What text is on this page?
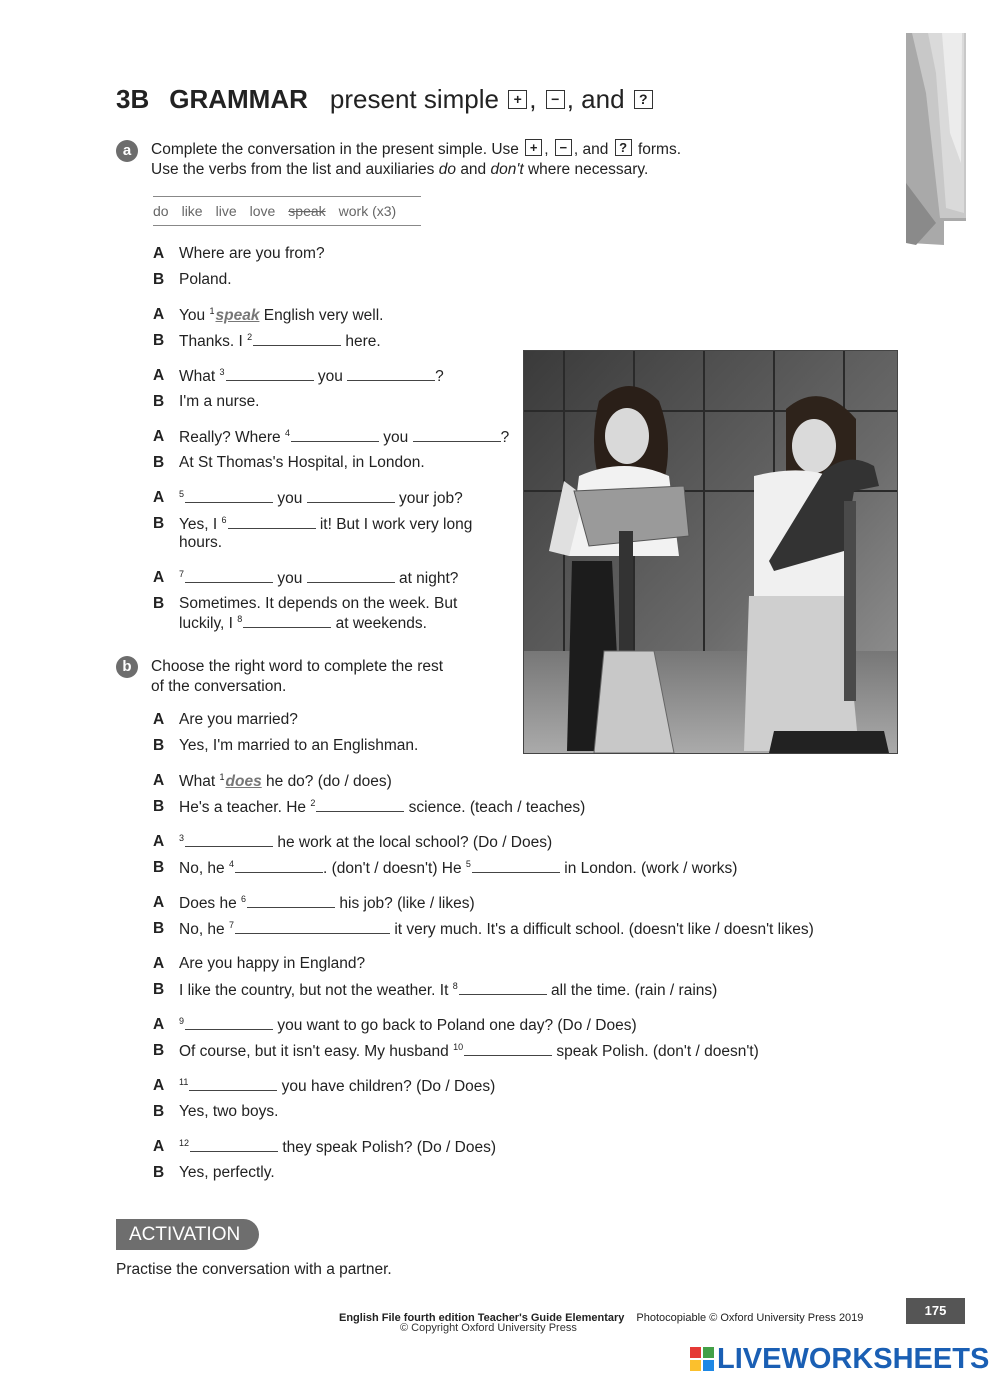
3B GRAMMAR present simple + , − , and ?
a	Complete the conversation in the present simple. Use + , − , and ? forms.
Use the verbs from the list and auxiliaries do and don't where necessary.
do like live love speak work (x3)
A Where are you from?
B Poland.
A You $^1$speak English very well.
B Thanks. I $^2$	here.
A What $^3$	you	?
B I'm a nurse.
A Really? Where $^4$	you	?
B At St Thomas's Hospital, in London.
A $^5$	you	your job?
B Yes, I $^6$	it! But I work very long
hours.
A $^7$	you	at night?
B Sometimes. It depends on the week. But
luckily, I $^8$	at weekends.
b	Choose the right word to complete the rest
of the conversation.
A Are you married?
B Yes, I'm married to an Englishman.
A What $^1$does he do? (do / does)
B He's a teacher. He $^2$	science. (teach / teaches)
A $^3$	he work at the local school? (Do / Does)
B No, he $^4$	. (don't / doesn't) He $^5$	in London. (work / works)
A Does he $^6$	his job? (like / likes)
B No, he $^7$	it very much. It's a difficult school. (doesn't like / doesn't likes)
A Are you happy in England?
B I like the country, but not the weather. It $^8$	all the time. (rain / rains)
A $^9$	you want to go back to Poland one day? (Do / Does)
B Of course, but it isn't easy. My husband $^{10}$	speak Polish. (don't / doesn't)
A $^{11}$	you have children? (Do / Does)
B Yes, two boys.
A $^{12}$	they speak Polish? (Do / Does)
B Yes, perfectly.
ACTIVATION
Practise the conversation with a partner.
175
English File fourth edition Teacher's Guide Elementary Photocopiable © Oxford University Press 2019
© Copyright Oxford University Press
LIVEWORKSHEETS
